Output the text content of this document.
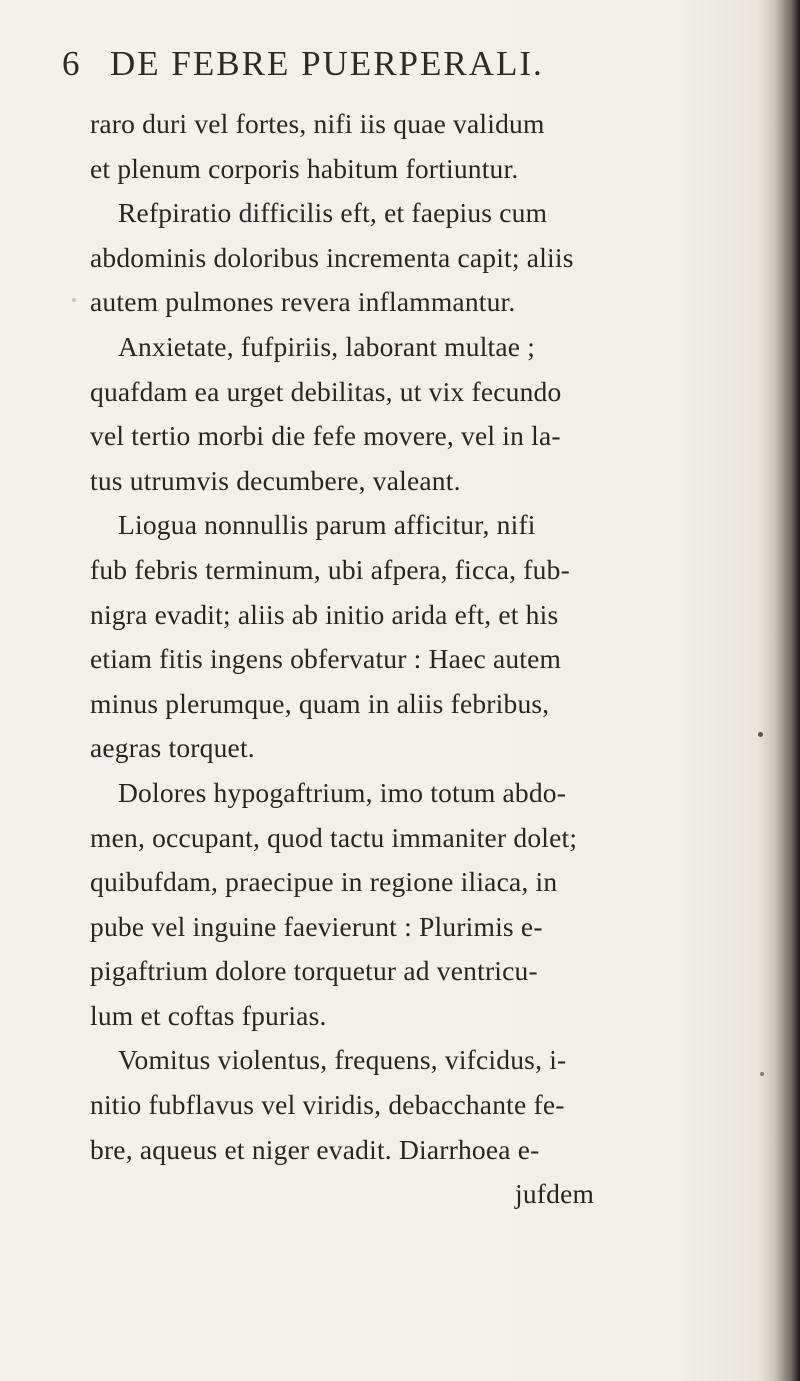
6 DE FEBRE PUERPERALI.
raro duri vel fortes, nifi iis quae validum
et plenum corporis habitum fortiuntur.
Refpiratio difficilis eft, et faepius cum
abdominis doloribus incrementa capit; aliis
autem pulmones revera inflammantur.
Anxietate, fufpiriis, laborant multae ;
quafdam ea urget debilitas, ut vix fecundo
vel tertio morbi die fefe movere, vel in la-
tus utrumvis decumbere, valeant.
Liogua nonnullis parum afficitur, nifi
fub febris terminum, ubi afpera, ficca, fub-
nigra evadit; aliis ab initio arida eft, et his
etiam fitis ingens obfervatur : Haec autem
minus plerumque, quam in aliis febribus,
aegras torquet.
Dolores hypogaftrium, imo totum abdo-
men, occupant, quod tactu immaniter dolet;
quibufdam, praecipue in regione iliaca, in
pube vel inguine faevierunt : Plurimis e-
pigaftrium dolore torquetur ad ventricu-
lum et coftas fpurias.
Vomitus violentus, frequens, vifcidus, i-
nitio fubflavus vel viridis, debacchante fe-
bre, aqueus et niger evadit. Diarrhoea e-
jufdem
